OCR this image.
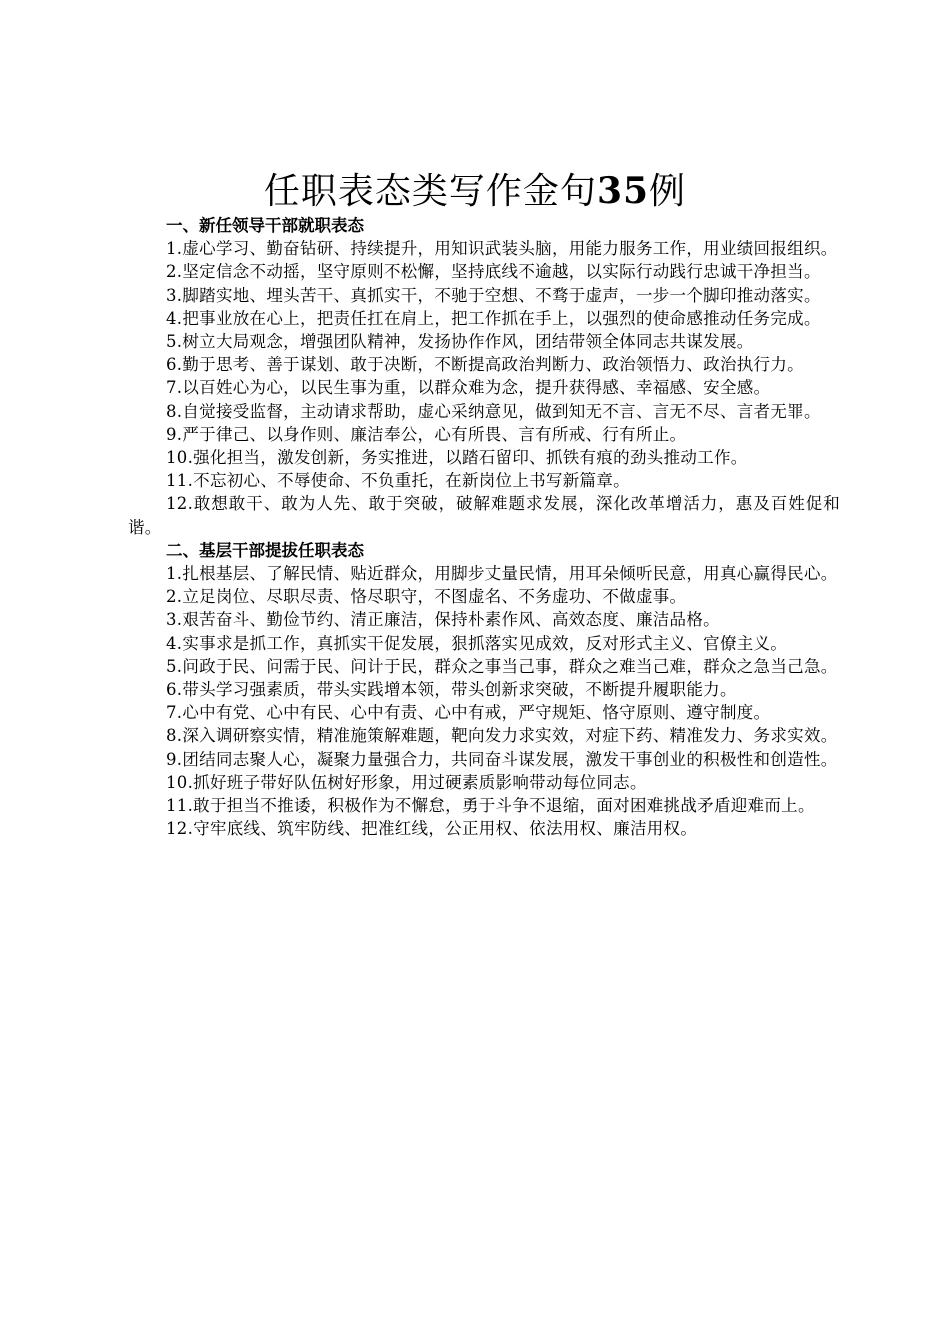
任职表态类写作金句35例

一、新任领导干部就职表态

1.虚心学习、勤奋钻研、持续提升，用知识武装头脑，用能力服务工作，用业绩回报组织。

2.坚定信念不动摇，坚守原则不松懈，坚持底线不逾越，以实际行动践行忠诚干净担当。

3.脚踏实地、埋头苦干、真抓实干，不驰于空想、不骛于虚声，一步一个脚印推动落实。

4.把事业放在心上，把责任扛在肩上，把工作抓在手上，以强烈的使命感推动任务完成。

5.树立大局观念，增强团队精神，发扬协作作风，团结带领全体同志共谋发展。

6.勤于思考、善于谋划、敢于决断，不断提高政治判断力、政治领悟力、政治执行力。

7.以百姓心为心，以民生事为重，以群众难为念，提升获得感、幸福感、安全感。

8.自觉接受监督，主动请求帮助，虚心采纳意见，做到知无不言、言无不尽、言者无罪。

9.严于律己、以身作则、廉洁奉公，心有所畏、言有所戒、行有所止。

10.强化担当，激发创新，务实推进，以踏石留印、抓铁有痕的劲头推动工作。

11.不忘初心、不辱使命、不负重托，在新岗位上书写新篇章。

12.敢想敢干、敢为人先、敢于突破，破解难题求发展，深化改革增活力，惠及百姓促和谐。

二、基层干部提拔任职表态

1.扎根基层、了解民情、贴近群众，用脚步丈量民情，用耳朵倾听民意，用真心赢得民心。

2.立足岗位、尽职尽责、恪尽职守，不图虚名、不务虚功、不做虚事。

3.艰苦奋斗、勤俭节约、清正廉洁，保持朴素作风、高效态度、廉洁品格。

4.实事求是抓工作，真抓实干促发展，狠抓落实见成效，反对形式主义、官僚主义。

5.问政于民、问需于民、问计于民，群众之事当己事，群众之难当己难，群众之急当己急。

6.带头学习强素质，带头实践增本领，带头创新求突破，不断提升履职能力。

7.心中有党、心中有民、心中有责、心中有戒，严守规矩、恪守原则、遵守制度。

8.深入调研察实情，精准施策解难题，靶向发力求实效，对症下药、精准发力、务求实效。

9.团结同志聚人心，凝聚力量强合力，共同奋斗谋发展，激发干事创业的积极性和创造性。

10.抓好班子带好队伍树好形象，用过硬素质影响带动每位同志。

11.敢于担当不推诿，积极作为不懈怠，勇于斗争不退缩，面对困难挑战矛盾迎难而上。

12.守牢底线、筑牢防线、把准红线，公正用权、依法用权、廉洁用权。
